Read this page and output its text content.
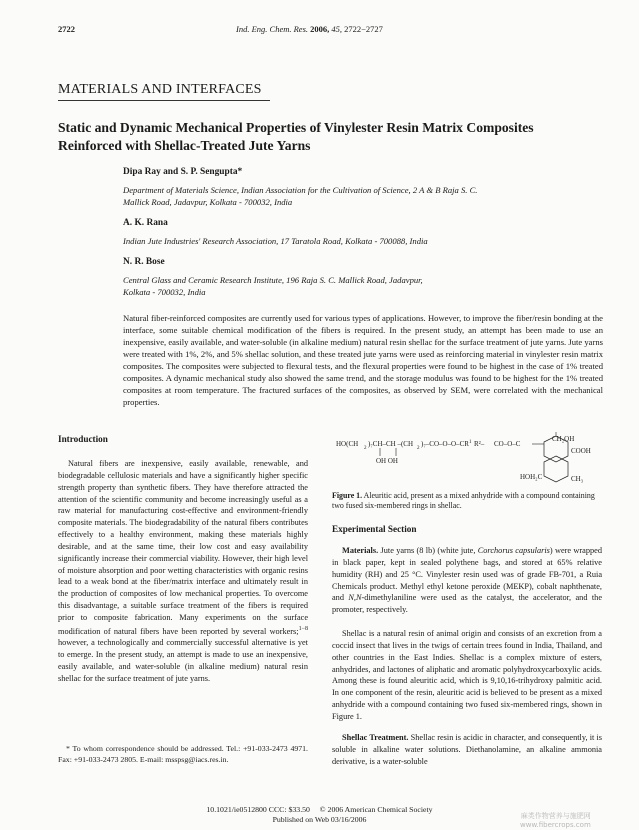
2722	Ind. Eng. Chem. Res. 2006, 45, 2722−2727
MATERIALS AND INTERFACES
Static and Dynamic Mechanical Properties of Vinylester Resin Matrix Composites
Reinforced with Shellac-Treated Jute Yarns
Dipa Ray and S. P. Sengupta*
Department of Materials Science, Indian Association for the Cultivation of Science, 2 A & B Raja S. C.
Mallick Road, Jadavpur, Kolkata - 700032, India
A. K. Rana
Indian Jute Industries' Research Association, 17 Taratola Road, Kolkata - 700088, India
N. R. Bose
Central Glass and Ceramic Research Institute, 196 Raja S. C. Mallick Road, Jadavpur,
Kolkata - 700032, India
Natural fiber-reinforced composites are currently used for various types of applications. However, to improve the fiber/resin bonding at the interface, some suitable chemical modification of the fibers is required. In the present study, an attempt has been made to use an inexpensive, easily available, and water-soluble (in alkaline medium) natural resin shellac for the surface treatment of jute yarns. Jute yarns were treated with 1%, 2%, and 5% shellac solution, and these treated jute yarns were used as reinforcing material in vinylester resin matrix composites. The composites were subjected to flexural tests, and the flexural properties were found to be highest in the case of 1% treated composites. A dynamic mechanical study also showed the same trend, and the storage modulus was found to be highest for the 1% treated composites at room temperature. The fractured surfaces of the composites, as observed by SEM, were correlated with the mechanical properties.
Introduction
Natural fibers are inexpensive, easily available, renewable, and biodegradable cellulosic materials and have a significantly higher specific strength property than synthetic fibers. They have therefore attracted the attention of the scientific community and become increasingly useful as a raw material for manufacturing cost-effective and environment-friendly composite materials. The biodegradability of the natural fibers contributes effectively to a healthy environment, making these materials highly desirable, and at the same time, their low cost and easy availability significantly increase their commercial viability. However, their high level of moisture absorption and poor wetting characteristics with organic resins lead to a weak bond at the fiber/matrix interface and ultimately result in the production of composites of low mechanical properties. To overcome this disadvantage, a suitable surface treatment of the fibers is required prior to composite fabrication. Many experiments on the surface modification of natural fibers have been reported by several workers;$^{1-8}$ however, a technologically and commercially successful alternative is yet to emerge. In the present study, an attempt is made to use an inexpensive, easily available, and water-soluble (in alkaline medium) natural resin shellac for the surface treatment of jute yarns.
* To whom correspondence should be addressed. Tel.: +91-033-2473 4971. Fax: +91-033-2473 2805. E-mail: msspsg@iacs.res.in.
HO(CH
2
)₇CH–CH –(CH
2
)₇–CO–O–O–CR 1 R²– CO–O–C
OH OH
CH₂OH
COOH
HOH₂C	CH₃
Figure 1. Aleuritic acid, present as a mixed anhydride with a compound containing two fused six-membered rings in shellac.
Experimental Section
Materials. Jute yarns (8 lb) (white jute, Corchorus capsularis) were wrapped in black paper, kept in sealed polythene bags, and stored at 65% relative humidity (RH) and 25 °C. Vinylester resin used was of grade FB-701, a Ruia Chemicals product. Methyl ethyl ketone peroxide (MEKP), cobalt naphthenate, and N,N-dimethylaniline were used as the catalyst, the accelerator, and the promoter, respectively.
Shellac is a natural resin of animal origin and consists of an excretion from a coccid insect that lives in the twigs of certain trees found in India, Thailand, and other countries in the East Indies. Shellac is a complex mixture of esters, anhydrides, and lactones of aliphatic and aromatic polyhydroxycarboxylic acids. Among these is found aleuritic acid, which is 9,10,16-trihydroxy palmitic acid. In one component of the resin, aleuritic acid is believed to be present as a mixed anhydride with a compound containing two fused six-membered rings, shown in Figure 1.
Shellac Treatment. Shellac resin is acidic in character, and consequently, it is soluble in alkaline water solutions. Diethanolamine, an alkaline ammonia derivative, is a water-soluble
10.1021/ie0512800 CCC: $33.50     © 2006 American Chemical Society
Published on Web 03/16/2006	麻类作物营养与施肥网
www.fibercrops.com
